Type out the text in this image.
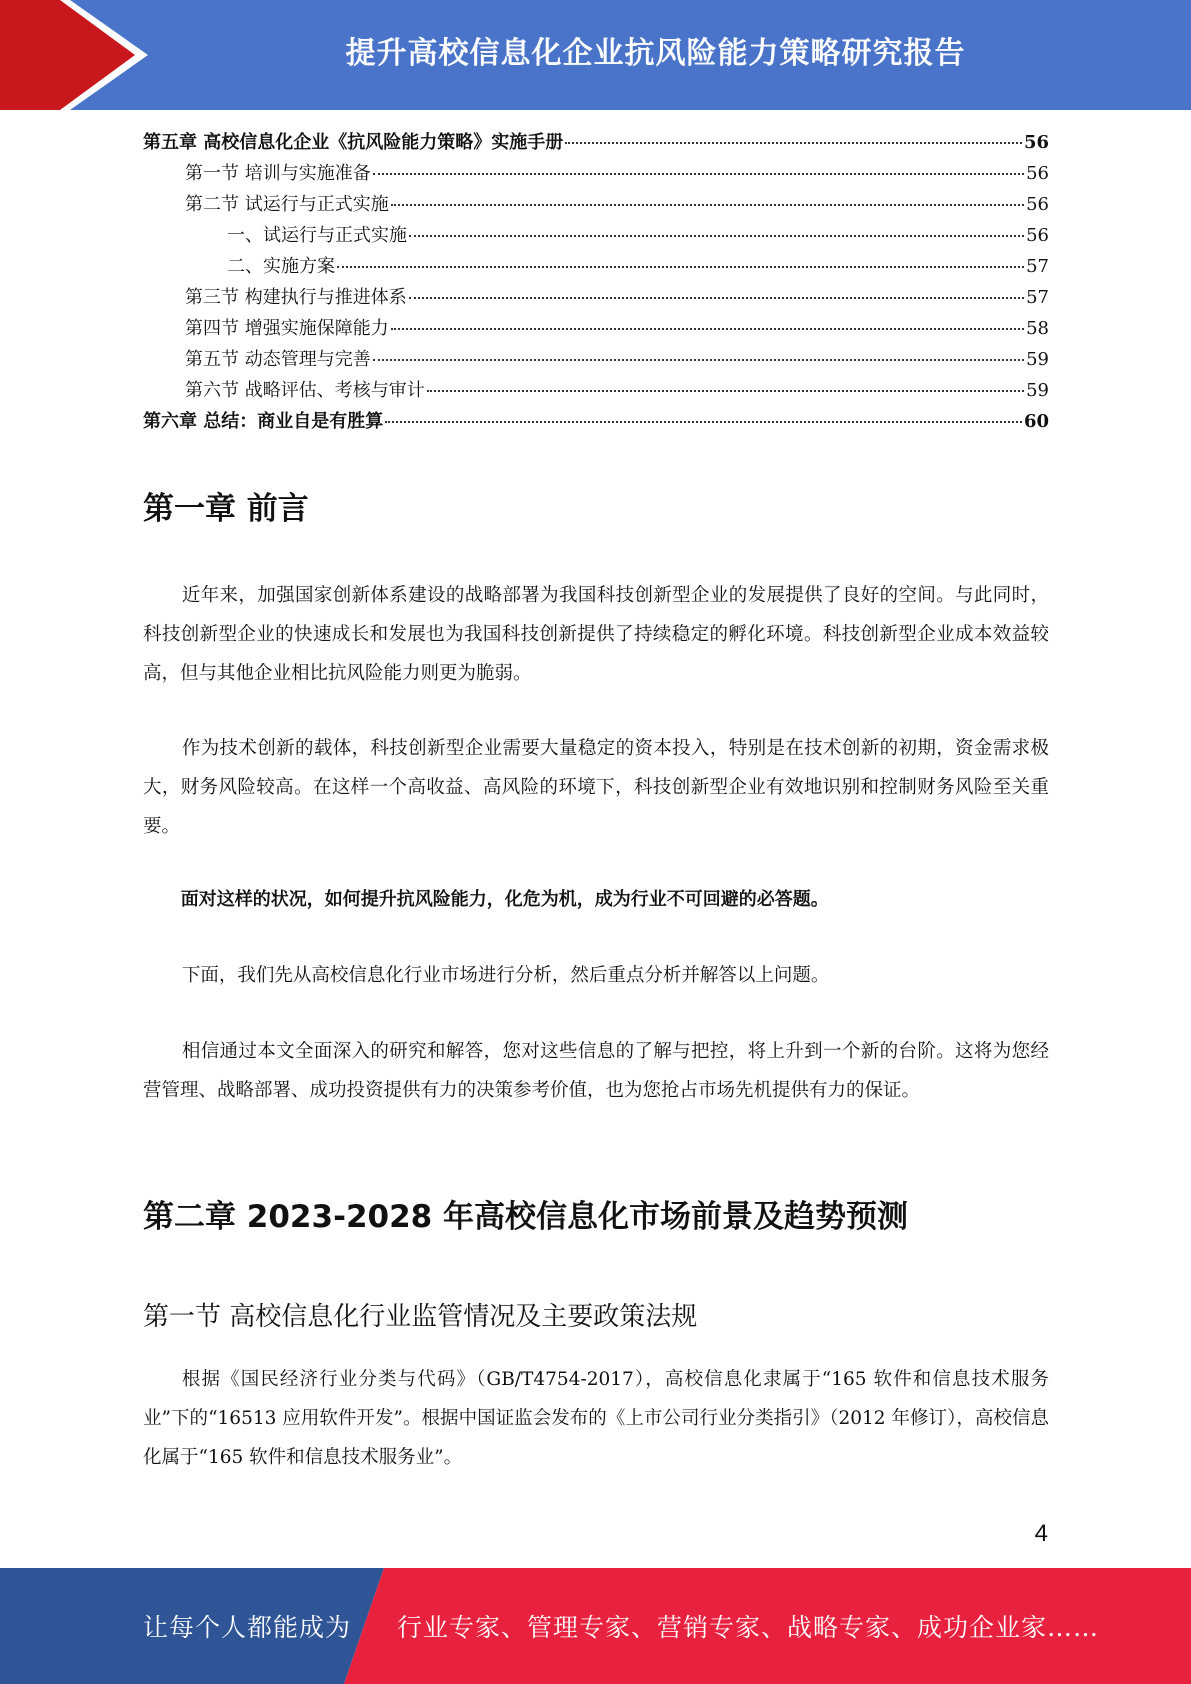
提升高校信息化企业抗风险能力策略研究报告
第五章 高校信息化企业《抗风险能力策略》实施手册	56
第一节 培训与实施准备	56
第二节 试运行与正式实施	56
一、试运行与正式实施	56
二、实施方案	57
第三节 构建执行与推进体系	57
第四节 增强实施保障能力	58
第五节 动态管理与完善	59
第六节 战略评估、考核与审计	59
第六章 总结：商业自是有胜算	60
第一章 前言

近年来，加强国家创新体系建设的战略部署为我国科技创新型企业的发展提供了良好的空间。与此同时，科技创新型企业的快速成长和发展也为我国科技创新提供了持续稳定的孵化环境。科技创新型企业成本效益较高，但与其他企业相比抗风险能力则更为脆弱。

作为技术创新的载体，科技创新型企业需要大量稳定的资本投入，特别是在技术创新的初期，资金需求极大，财务风险较高。在这样一个高收益、高风险的环境下，科技创新型企业有效地识别和控制财务风险至关重要。

面对这样的状况，如何提升抗风险能力，化危为机，成为行业不可回避的必答题。

下面，我们先从高校信息化行业市场进行分析，然后重点分析并解答以上问题。

相信通过本文全面深入的研究和解答，您对这些信息的了解与把控，将上升到一个新的台阶。这将为您经营管理、战略部署、成功投资提供有力的决策参考价值，也为您抢占市场先机提供有力的保证。

第二章 2023-2028 年高校信息化市场前景及趋势预测
第一节 高校信息化行业监管情况及主要政策法规

根据《国民经济行业分类与代码》（GB/T4754-2017），高校信息化隶属于“165 软件和信息技术服务业”下的“16513 应用软件开发”。根据中国证监会发布的《上市公司行业分类指引》（2012 年修订），高校信息化属于“165 软件和信息技术服务业”。

4
让每个人都能成为 行业专家、管理专家、营销专家、战略专家、成功企业家……
